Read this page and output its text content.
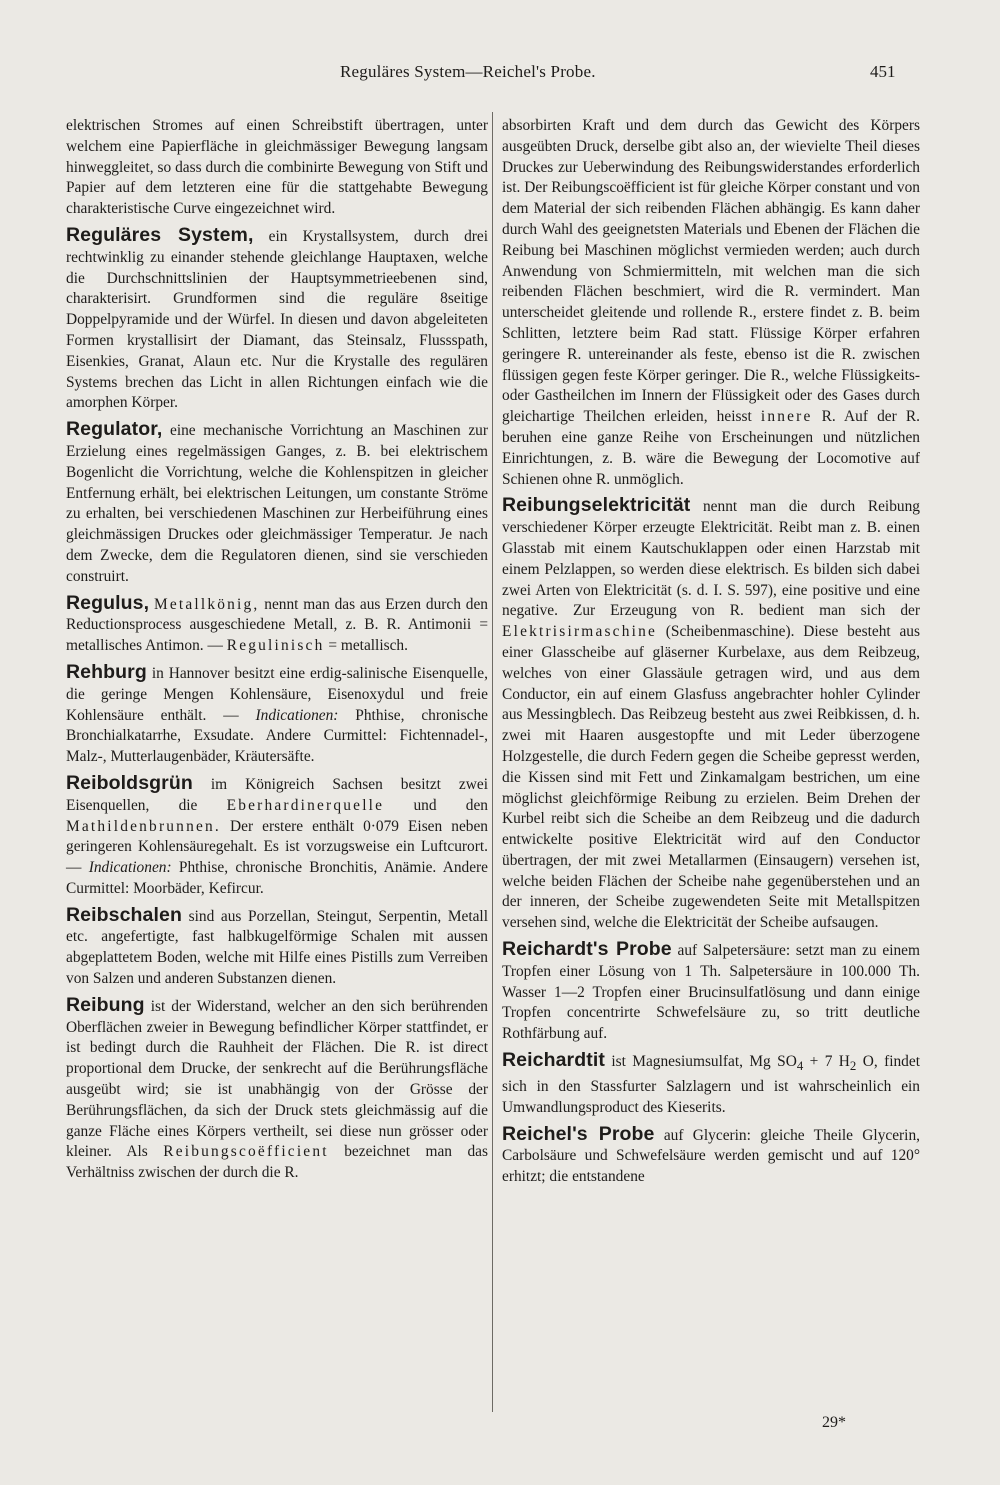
Reguläres System—Reichel's Probe.	451

elektrischen Stromes auf einen Schreibstift übertragen, unter welchem eine Papierfläche in gleichmässiger Bewegung langsam hinweggleitet, so dass durch die combinirte Bewegung von Stift und Papier auf dem letzteren eine für die stattgehabte Bewegung charakteristische Curve eingezeichnet wird.

Reguläres System, ein Krystallsystem, durch drei rechtwinklig zu einander stehende gleichlange Hauptaxen, welche die Durchschnittslinien der Hauptsymmetrieebenen sind, charakterisirt. Grundformen sind die reguläre 8seitige Doppelpyramide und der Würfel. In diesen und davon abgeleiteten Formen krystallisirt der Diamant, das Steinsalz, Flussspath, Eisenkies, Granat, Alaun etc. Nur die Krystalle des regulären Systems brechen das Licht in allen Richtungen einfach wie die amorphen Körper.

Regulator, eine mechanische Vorrichtung an Maschinen zur Erzielung eines regelmässigen Ganges, z. B. bei elektrischem Bogenlicht die Vorrichtung, welche die Kohlenspitzen in gleicher Entfernung erhält, bei elektrischen Leitungen, um constante Ströme zu erhalten, bei verschiedenen Maschinen zur Herbeiführung eines gleichmässigen Druckes oder gleichmässiger Temperatur. Je nach dem Zwecke, dem die Regulatoren dienen, sind sie verschieden construirt.

Regulus, Metallkönig, nennt man das aus Erzen durch den Reductionsprocess ausgeschiedene Metall, z. B. R. Antimonii = metallisches Antimon. — Regulinisch = metallisch.

Rehburg in Hannover besitzt eine erdig-salinische Eisenquelle, die geringe Mengen Kohlensäure, Eisenoxydul und freie Kohlensäure enthält. — Indicationen: Phthise, chronische Bronchialkatarrhe, Exsudate. Andere Curmittel: Fichtennadel-, Malz-, Mutterlaugenbäder, Kräutersäfte.

Reiboldsgrün im Königreich Sachsen besitzt zwei Eisenquellen, die Eberhardinerquelle und den Mathildenbrunnen. Der erstere enthält 0·079 Eisen neben geringeren Kohlensäuregehalt. Es ist vorzugsweise ein Luftcurort. — Indicationen: Phthise, chronische Bronchitis, Anämie. Andere Curmittel: Moorbäder, Kefircur.

Reibschalen sind aus Porzellan, Steingut, Serpentin, Metall etc. angefertigte, fast halbkugelförmige Schalen mit aussen abgeplattetem Boden, welche mit Hilfe eines Pistills zum Verreiben von Salzen und anderen Substanzen dienen.

Reibung ist der Widerstand, welcher an den sich berührenden Oberflächen zweier in Bewegung befindlicher Körper stattfindet, er ist bedingt durch die Rauhheit der Flächen. Die R. ist direct proportional dem Drucke, der senkrecht auf die Berührungsfläche ausgeübt wird; sie ist unabhängig von der Grösse der Berührungsflächen, da sich der Druck stets gleichmässig auf die ganze Fläche eines Körpers vertheilt, sei diese nun grösser oder kleiner. Als Reibungscoëfficient bezeichnet man das Verhältniss zwischen der durch die R.

absorbirten Kraft und dem durch das Gewicht des Körpers ausgeübten Druck, derselbe gibt also an, der wievielte Theil dieses Druckes zur Ueberwindung des Reibungswiderstandes erforderlich ist. Der Reibungscoëfficient ist für gleiche Körper constant und von dem Material der sich reibenden Flächen abhängig. Es kann daher durch Wahl des geeignetsten Materials und Ebenen der Flächen die Reibung bei Maschinen möglichst vermieden werden; auch durch Anwendung von Schmiermitteln, mit welchen man die sich reibenden Flächen beschmiert, wird die R. vermindert. Man unterscheidet gleitende und rollende R., erstere findet z. B. beim Schlitten, letztere beim Rad statt. Flüssige Körper erfahren geringere R. untereinander als feste, ebenso ist die R. zwischen flüssigen gegen feste Körper geringer. Die R., welche Flüssigkeits- oder Gastheilchen im Innern der Flüssigkeit oder des Gases durch gleichartige Theilchen erleiden, heisst innere R. Auf der R. beruhen eine ganze Reihe von Erscheinungen und nützlichen Einrichtungen, z. B. wäre die Bewegung der Locomotive auf Schienen ohne R. unmöglich.

Reibungselektricität nennt man die durch Reibung verschiedener Körper erzeugte Elektricität. Reibt man z. B. einen Glasstab mit einem Kautschuklappen oder einen Harzstab mit einem Pelzlappen, so werden diese elektrisch. Es bilden sich dabei zwei Arten von Elektricität (s. d. I. S. 597), eine positive und eine negative. Zur Erzeugung von R. bedient man sich der Elektrisirmaschine (Scheibenmaschine). Diese besteht aus einer Glasscheibe auf gläserner Kurbelaxe, aus dem Reibzeug, welches von einer Glassäule getragen wird, und aus dem Conductor, ein auf einem Glasfuss angebrachter hohler Cylinder aus Messingblech. Das Reibzeug besteht aus zwei Reibkissen, d. h. zwei mit Haaren ausgestopfte und mit Leder überzogene Holzgestelle, die durch Federn gegen die Scheibe gepresst werden, die Kissen sind mit Fett und Zinkamalgam bestrichen, um eine möglichst gleichförmige Reibung zu erzielen. Beim Drehen der Kurbel reibt sich die Scheibe an dem Reibzeug und die dadurch entwickelte positive Elektricität wird auf den Conductor übertragen, der mit zwei Metallarmen (Einsaugern) versehen ist, welche beiden Flächen der Scheibe nahe gegenüberstehen und an der inneren, der Scheibe zugewendeten Seite mit Metallspitzen versehen sind, welche die Elektricität der Scheibe aufsaugen.

Reichardt's Probe auf Salpetersäure: setzt man zu einem Tropfen einer Lösung von 1 Th. Salpetersäure in 100.000 Th. Wasser 1—2 Tropfen einer Brucinsulfatlösung und dann einige Tropfen concentrirte Schwefelsäure zu, so tritt deutliche Rothfärbung auf.

Reichardtit ist Magnesiumsulfat, Mg $SO_4 + 7$ $H_2$ O, findet sich in den Stassfurter Salzlagern und ist wahrscheinlich ein Umwandlungsproduct des Kieserits.

Reichel's Probe auf Glycerin: gleiche Theile Glycerin, Carbolsäure und Schwefelsäure werden gemischt und auf 120° erhitzt; die entstandene

29*
